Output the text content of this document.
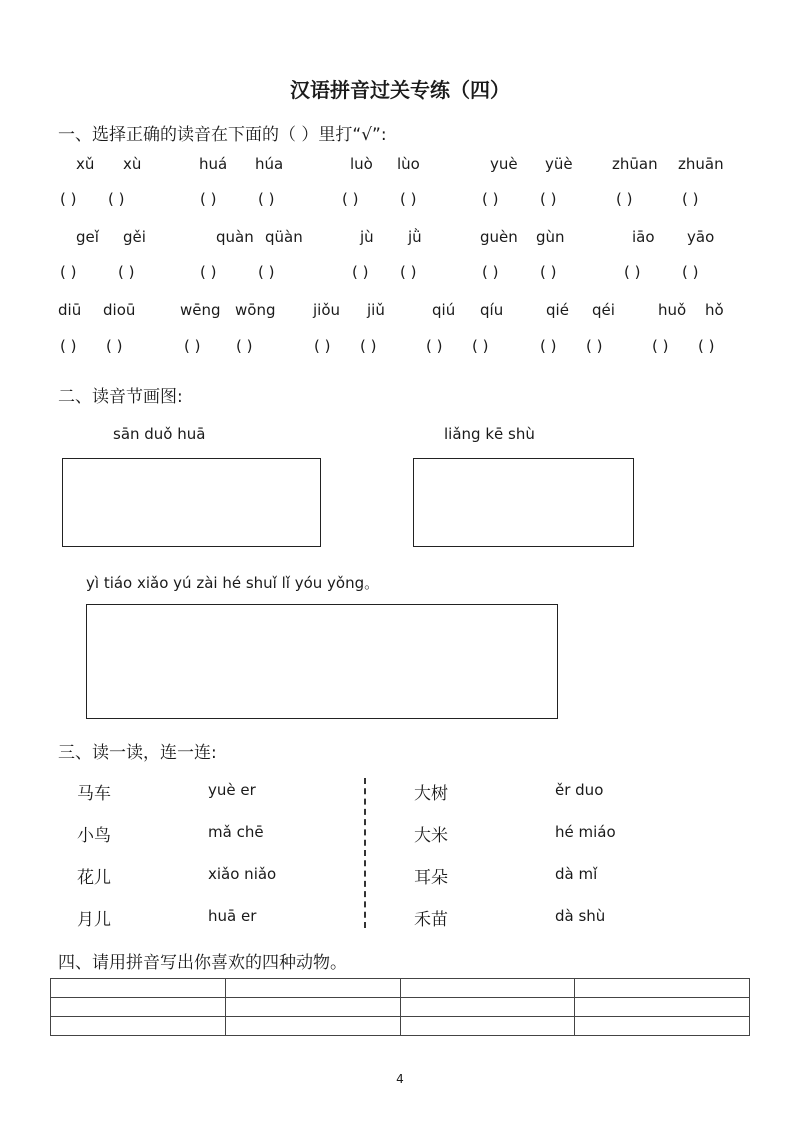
汉语拼音过关专练（四）
一、选择正确的读音在下面的（ ）里打“√”:
xǔ xù	huá húa	luò lùo	yuè yüè	zhūan zhuān
( ) ( )	( )	( )	( )	( )	( )	( )	( )	( )
geǐ gěi	quàn qüàn	jù jǜ	guèn gùn	iāo yāo
( )	( )	( )	( )	( ) ( )	( )	( )	( )	( )
diū dioū	wēng wōng	jiǒu jiǔ	qiú qíu	qié qéi	huǒ hǒ
( ) ( )	( ) ( )	( ) ( )	( ) ( )	( ) ( )	( ) ( )
二、读音节画图:
sān duǒ huā	liǎng kē shù
yì tiáo xiǎo yú zài hé shuǐ lǐ yóu yǒng。
三、读一读，连一连:
马车	yuè er	大树	ěr duo
小鸟	mǎ chē	大米	hé miáo
花儿	xiǎo niǎo	耳朵	dà mǐ
月儿	huā er	禾苗	dà shù
四、请用拼音写出你喜欢的四种动物。

4
